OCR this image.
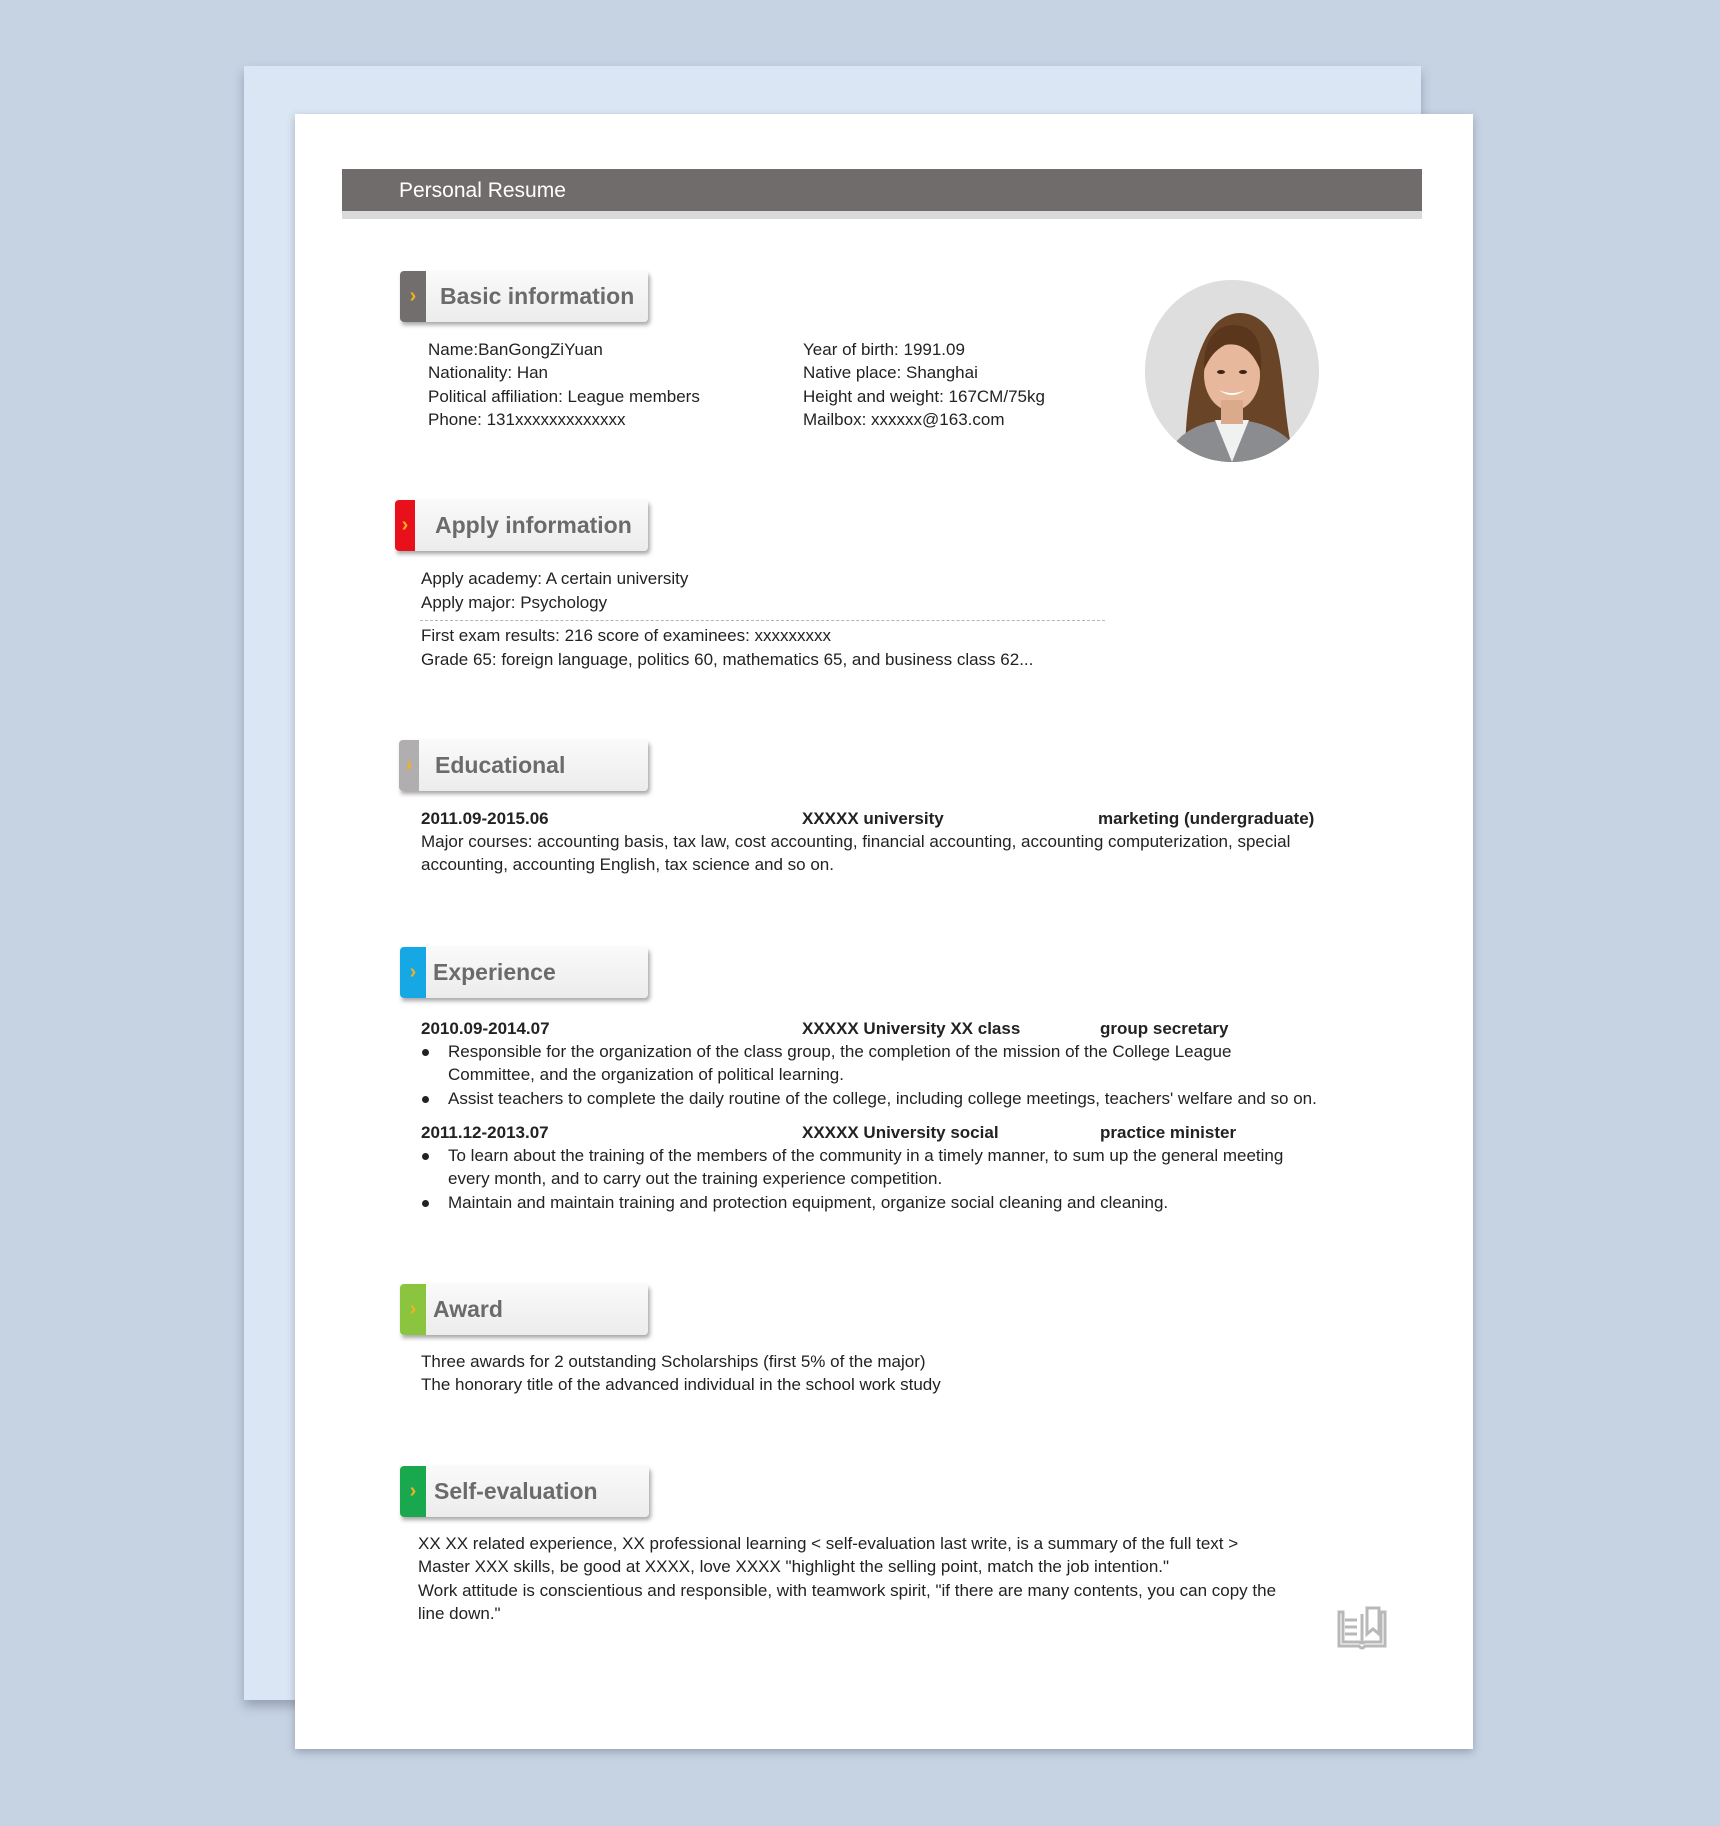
Personal Resume
›	Basic information
Name:BanGongZiYuan
Nationality: Han
Political affiliation: League members
Phone: 131xxxxxxxxxxxxx
Year of birth: 1991.09
Native place: Shanghai
Height and weight: 167CM/75kg
Mailbox: xxxxxx@163.com
› Apply information
Apply academy: A certain university
Apply major: Psychology
First exam results: 216 score of examinees: xxxxxxxxx
Grade 65: foreign language, politics 60, mathematics 65, and business class 62...
› Educational
2011.09-2015.06	XXXXX university	marketing (undergraduate)
Major courses: accounting basis, tax law, cost accounting, financial accounting, accounting computerization, special
accounting, accounting English, tax science and so on.
› Experience
2010.09-2014.07	XXXXX University XX class	group secretary
Responsible for the organization of the class group, the completion of the mission of the College League
Committee, and the organization of political learning.
Assist teachers to complete the daily routine of the college, including college meetings, teachers' welfare and so on.
2011.12-2013.07	XXXXX University social	practice minister
To learn about the training of the members of the community in a timely manner, to sum up the general meeting
every month, and to carry out the training experience competition.
Maintain and maintain training and protection equipment, organize social cleaning and cleaning.
› Award
Three awards for 2 outstanding Scholarships (first 5% of the major)
The honorary title of the advanced individual in the school work study
› Self-evaluation
XX XX related experience, XX professional learning < self-evaluation last write, is a summary of the full text >
Master XXX skills, be good at XXXX, love XXXX "highlight the selling point, match the job intention."
Work attitude is conscientious and responsible, with teamwork spirit, "if there are many contents, you can copy the
line down."
